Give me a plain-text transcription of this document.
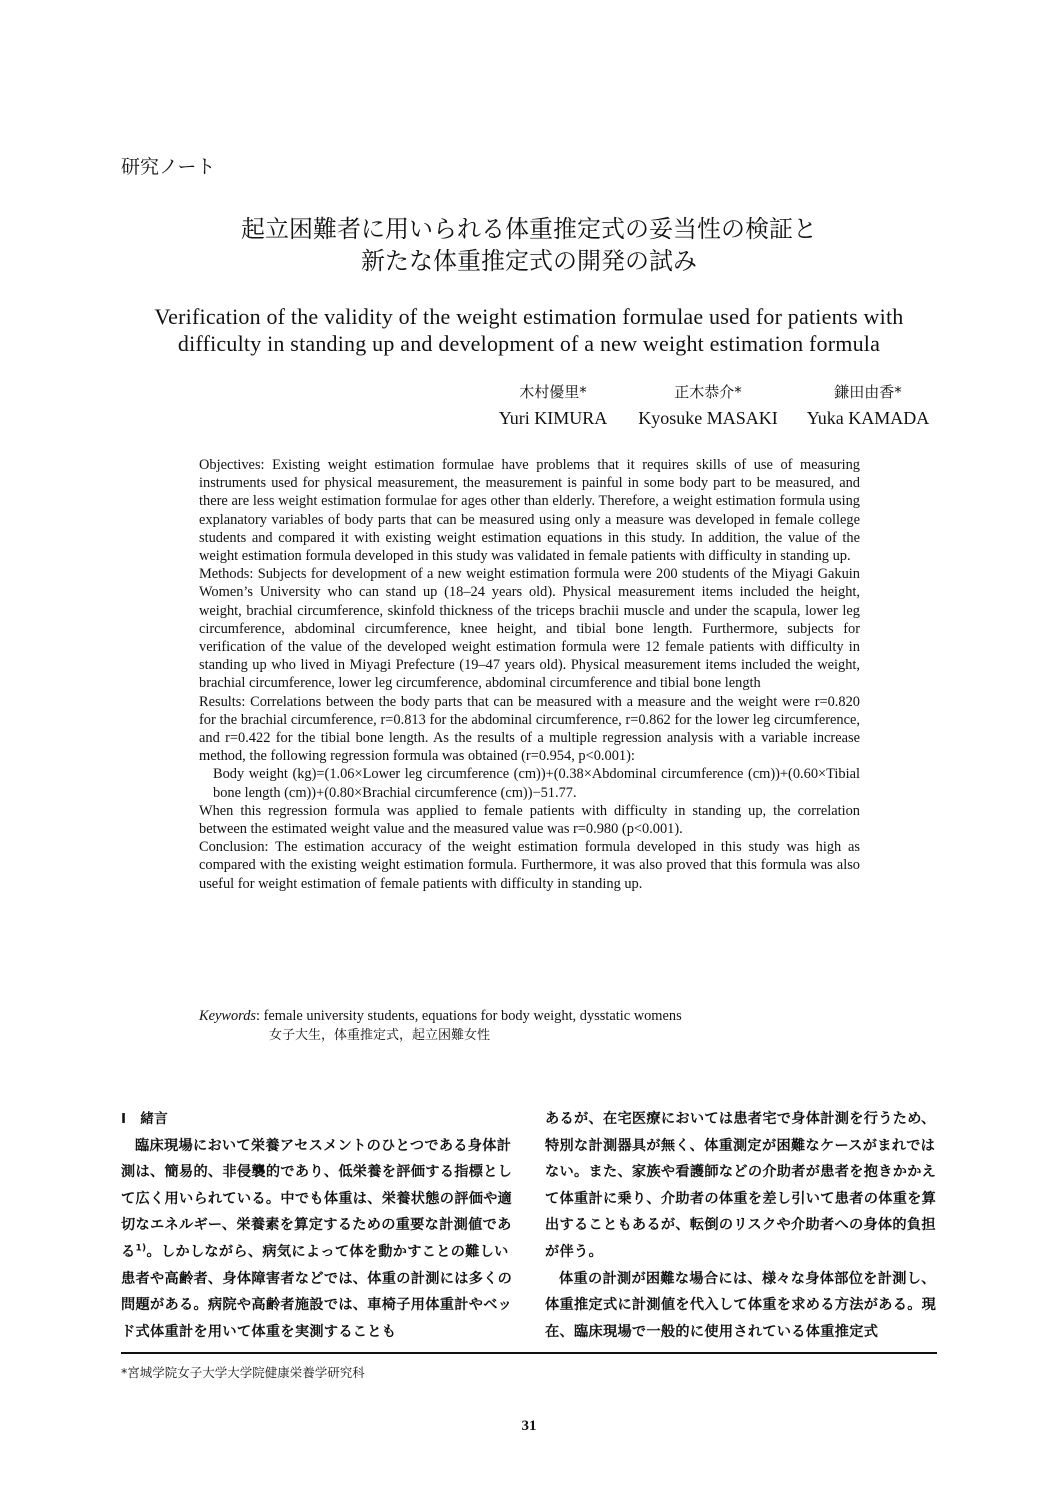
研究ノート
起立困難者に用いられる体重推定式の妥当性の検証と
新たな体重推定式の開発の試み
Verification of the validity of the weight estimation formulae used for patients with
difficulty in standing up and development of a new weight estimation formula
木村優里*
Yuri KIMURA
正木恭介*
Kyosuke MASAKI
鎌田由香*
Yuka KAMADA

Objectives: Existing weight estimation formulae have problems that it requires skills of use of measuring instruments used for physical measurement, the measurement is painful in some body part to be measured, and there are less weight estimation formulae for ages other than elderly. Therefore, a weight estimation formula using explanatory variables of body parts that can be measured using only a measure was developed in female college students and compared it with existing weight estimation equations in this study. In addition, the value of the weight estimation formula developed in this study was validated in female patients with difficulty in standing up.

Methods: Subjects for development of a new weight estimation formula were 200 students of the Miyagi Gakuin Women’s University who can stand up (18–24 years old). Physical measurement items included the height, weight, brachial circumference, skinfold thickness of the triceps brachii muscle and under the scapula, lower leg circumference, abdominal circumference, knee height, and tibial bone length. Furthermore, subjects for verification of the value of the developed weight estimation formula were 12 female patients with difficulty in standing up who lived in Miyagi Prefecture (19–47 years old). Physical measurement items included the weight, brachial circumference, lower leg circumference, abdominal circumference and tibial bone length

Results: Correlations between the body parts that can be measured with a measure and the weight were r=0.820 for the brachial circumference, r=0.813 for the abdominal circumference, r=0.862 for the lower leg circumference, and r=0.422 for the tibial bone length. As the results of a multiple regression analysis with a variable increase method, the following regression formula was obtained (r=0.954, p<0.001):

Body weight (kg)=(1.06×Lower leg circumference (cm))+(0.38×Abdominal circumference (cm))+(0.60×Tibial bone length (cm))+(0.80×Brachial circumference (cm))−51.77.

When this regression formula was applied to female patients with difficulty in standing up, the correlation between the estimated weight value and the measured value was r=0.980 (p<0.001).

Conclusion: The estimation accuracy of the weight estimation formula developed in this study was high as compared with the existing weight estimation formula. Furthermore, it was also proved that this formula was also useful for weight estimation of female patients with difficulty in standing up.

Keywords: female university students, equations for body weight, dysstatic womens
女子大生，体重推定式，起立困難女性

Ⅰ　緒言

臨床現場において栄養アセスメントのひとつである身体計測は、簡易的、非侵襲的であり、低栄養を評価する指標として広く用いられている。中でも体重は、栄養状態の評価や適切なエネルギー、栄養素を算定するための重要な計測値である$^{1)}$。しかしながら、病気によって体を動かすことの難しい患者や高齢者、身体障害者などでは、体重の計測には多くの問題がある。病院や高齢者施設では、車椅子用体重計やベッド式体重計を用いて体重を実測することも

あるが、在宅医療においては患者宅で身体計測を行うため、特別な計測器具が無く、体重測定が困難なケースがまれではない。また、家族や看護師などの介助者が患者を抱きかかえて体重計に乗り、介助者の体重を差し引いて患者の体重を算出することもあるが、転倒のリスクや介助者への身体的負担が伴う。

体重の計測が困難な場合には、様々な身体部位を計測し、体重推定式に計測値を代入して体重を求める方法がある。現在、臨床現場で一般的に使用されている体重推定式

*宮城学院女子大学大学院健康栄養学研究科
31
